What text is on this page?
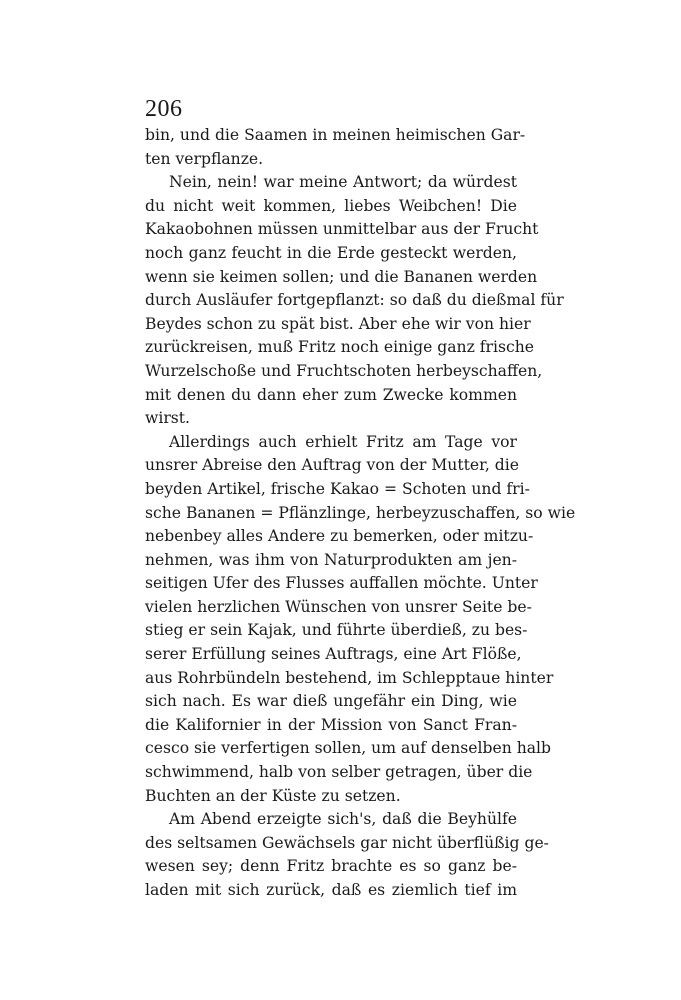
206
bin, und die Saamen in meinen heimischen Gar-
ten verpflanze.
Nein, nein! war meine Antwort; da würdest
du nicht weit kommen, liebes Weibchen! Die
Kakaobohnen müssen unmittelbar aus der Frucht
noch ganz feucht in die Erde gesteckt werden,
wenn sie keimen sollen; und die Bananen werden
durch Ausläufer fortgepflanzt: so daß du dießmal für
Beydes schon zu spät bist. Aber ehe wir von hier
zurückreisen, muß Fritz noch einige ganz frische
Wurzelschoße und Fruchtschoten herbeyschaffen,
mit denen du dann eher zum Zwecke kommen
wirst.
Allerdings auch erhielt Fritz am Tage vor
unsrer Abreise den Auftrag von der Mutter, die
beyden Artikel, frische Kakao = Schoten und fri-
sche Bananen = Pflänzlinge, herbeyzuschaffen, so wie
nebenbey alles Andere zu bemerken, oder mitzu-
nehmen, was ihm von Naturprodukten am jen-
seitigen Ufer des Flusses auffallen möchte. Unter
vielen herzlichen Wünschen von unsrer Seite be-
stieg er sein Kajak, und führte überdieß, zu bes-
serer Erfüllung seines Auftrags, eine Art Flöße,
aus Rohrbündeln bestehend, im Schlepptaue hinter
sich nach. Es war dieß ungefähr ein Ding, wie
die Kalifornier in der Mission von Sanct Fran-
cesco sie verfertigen sollen, um auf denselben halb
schwimmend, halb von selber getragen, über die
Buchten an der Küste zu setzen.
Am Abend erzeigte sich's, daß die Beyhülfe
des seltsamen Gewächsels gar nicht überflüßig ge-
wesen sey; denn Fritz brachte es so ganz be-
laden mit sich zurück, daß es ziemlich tief im
